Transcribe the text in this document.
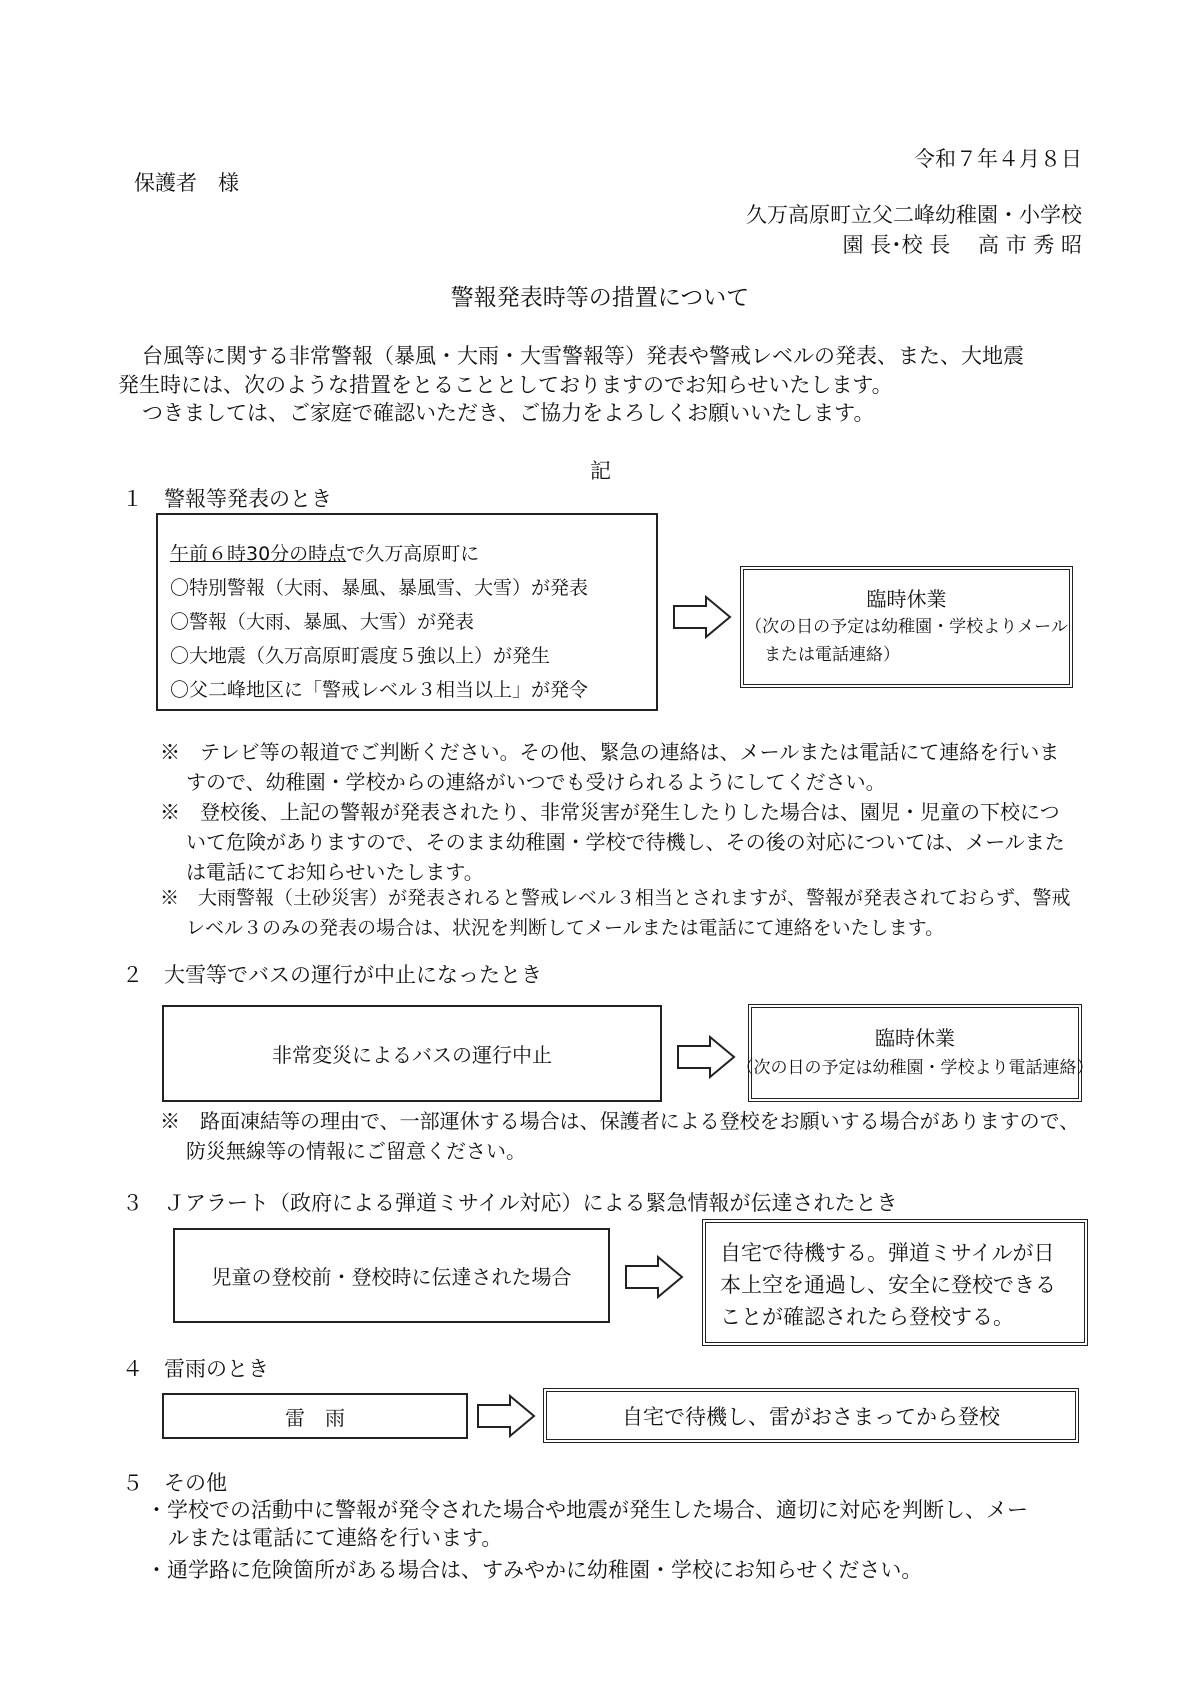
令和７年４月８日
保護者　様
久万高原町立父二峰幼稚園・小学校
園 長･校 長　 高 市 秀 昭
警報発表時等の措置について
台風等に関する非常警報（暴風・大雨・大雪警報等）発表や警戒レベルの発表、また、大地震
発生時には、次のような措置をとることとしておりますのでお知らせいたします。
つきましては、ご家庭で確認いただき、ご協力をよろしくお願いいたします。
記
１　警報等発表のとき
午前６時30分の時点で久万高原町に
〇特別警報（大雨、暴風、暴風雪、大雪）が発表
〇警報（大雨、暴風、大雪）が発表
〇大地震（久万高原町震度５強以上）が発生
〇父二峰地区に「警戒レベル３相当以上」が発令
臨時休業
（次の日の予定は幼稚園・学校よりメール
または電話連絡）
※　テレビ等の報道でご判断ください。その他、緊急の連絡は、メールまたは電話にて連絡を行いま
すので、幼稚園・学校からの連絡がいつでも受けられるようにしてください。
※　登校後、上記の警報が発表されたり、非常災害が発生したりした場合は、園児・児童の下校につ
いて危険がありますので、そのまま幼稚園・学校で待機し、その後の対応については、メールまた
は電話にてお知らせいたします。
※　大雨警報（土砂災害）が発表されると警戒レベル３相当とされますが、警報が発表されておらず、警戒
レベル３のみの発表の場合は、状況を判断してメールまたは電話にて連絡をいたします。
２　大雪等でバスの運行が中止になったとき
非常変災によるバスの運行中止
臨時休業
（次の日の予定は幼稚園・学校より電話連絡）
※　路面凍結等の理由で、一部運休する場合は、保護者による登校をお願いする場合がありますので、
防災無線等の情報にご留意ください。
３　Ｊアラート（政府による弾道ミサイル対応）による緊急情報が伝達されたとき
児童の登校前・登校時に伝達された場合
自宅で待機する。弾道ミサイルが日
本上空を通過し、安全に登校できる
ことが確認されたら登校する。
４　雷雨のとき
雷　雨	自宅で待機し、雷がおさまってから登校
５　その他
・学校での活動中に警報が発令された場合や地震が発生した場合、適切に対応を判断し、メー
ルまたは電話にて連絡を行います。
・通学路に危険箇所がある場合は、すみやかに幼稚園・学校にお知らせください。
